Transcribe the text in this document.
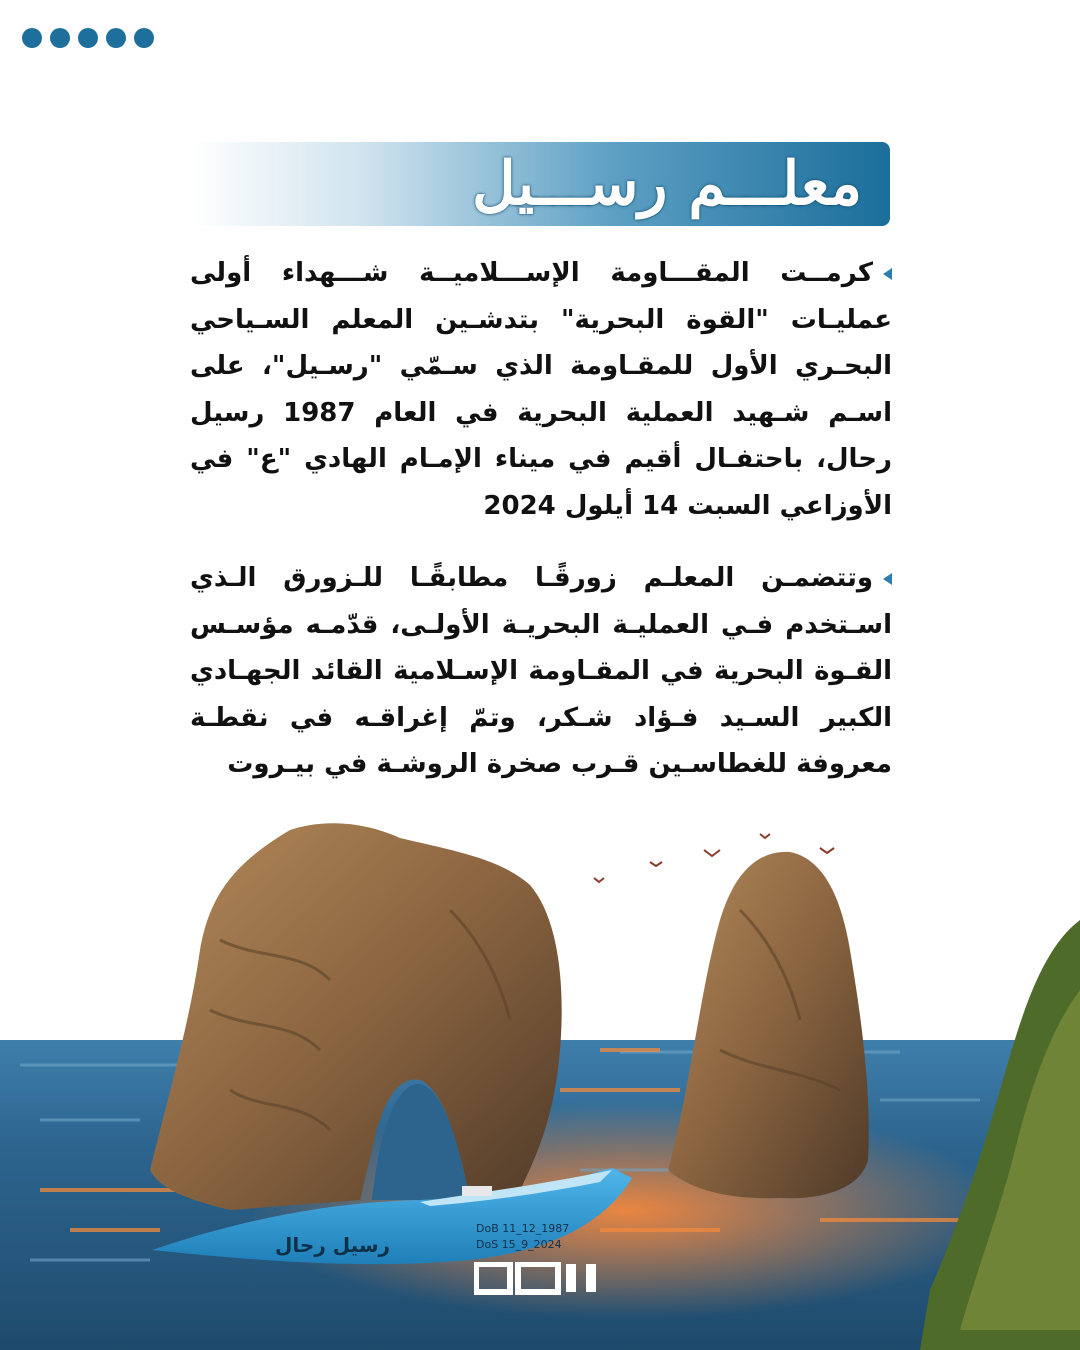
معلـــم رســـيل
كرمــت المقـــاومة الإســـلاميــة شـــهداء أولى عمليـات "القوة البحرية" بتدشـين المعلم السـياحي البحـري الأول للمقـاومة الذي سـمّي "رسـيل"، على اسـم شـهيد العملية البحرية في العام 1987 رسيل رحال، باحتفـال أقيم في ميناء الإمـام الهادي "ع" في الأوزاعي السبت 14 أيلول 2024
وتتضمـن المعلـم زورقًـا مطابقًـا للـزورق الـذي اسـتخدم فـي العمليـة البحريـة الأولـى، قدّمـه مؤسـس القـوة البحرية في المقـاومة الإسـلامية القائد الجهـادي الكبير السـيد فـؤاد شـكر، وتمّ إغراقـه في نقطـة معروفة للغطاسـين قـرب صخرة الروشـة في بيـروت
رسيل رحال
DoB 11_12_1987
DoS 15_9_2024
